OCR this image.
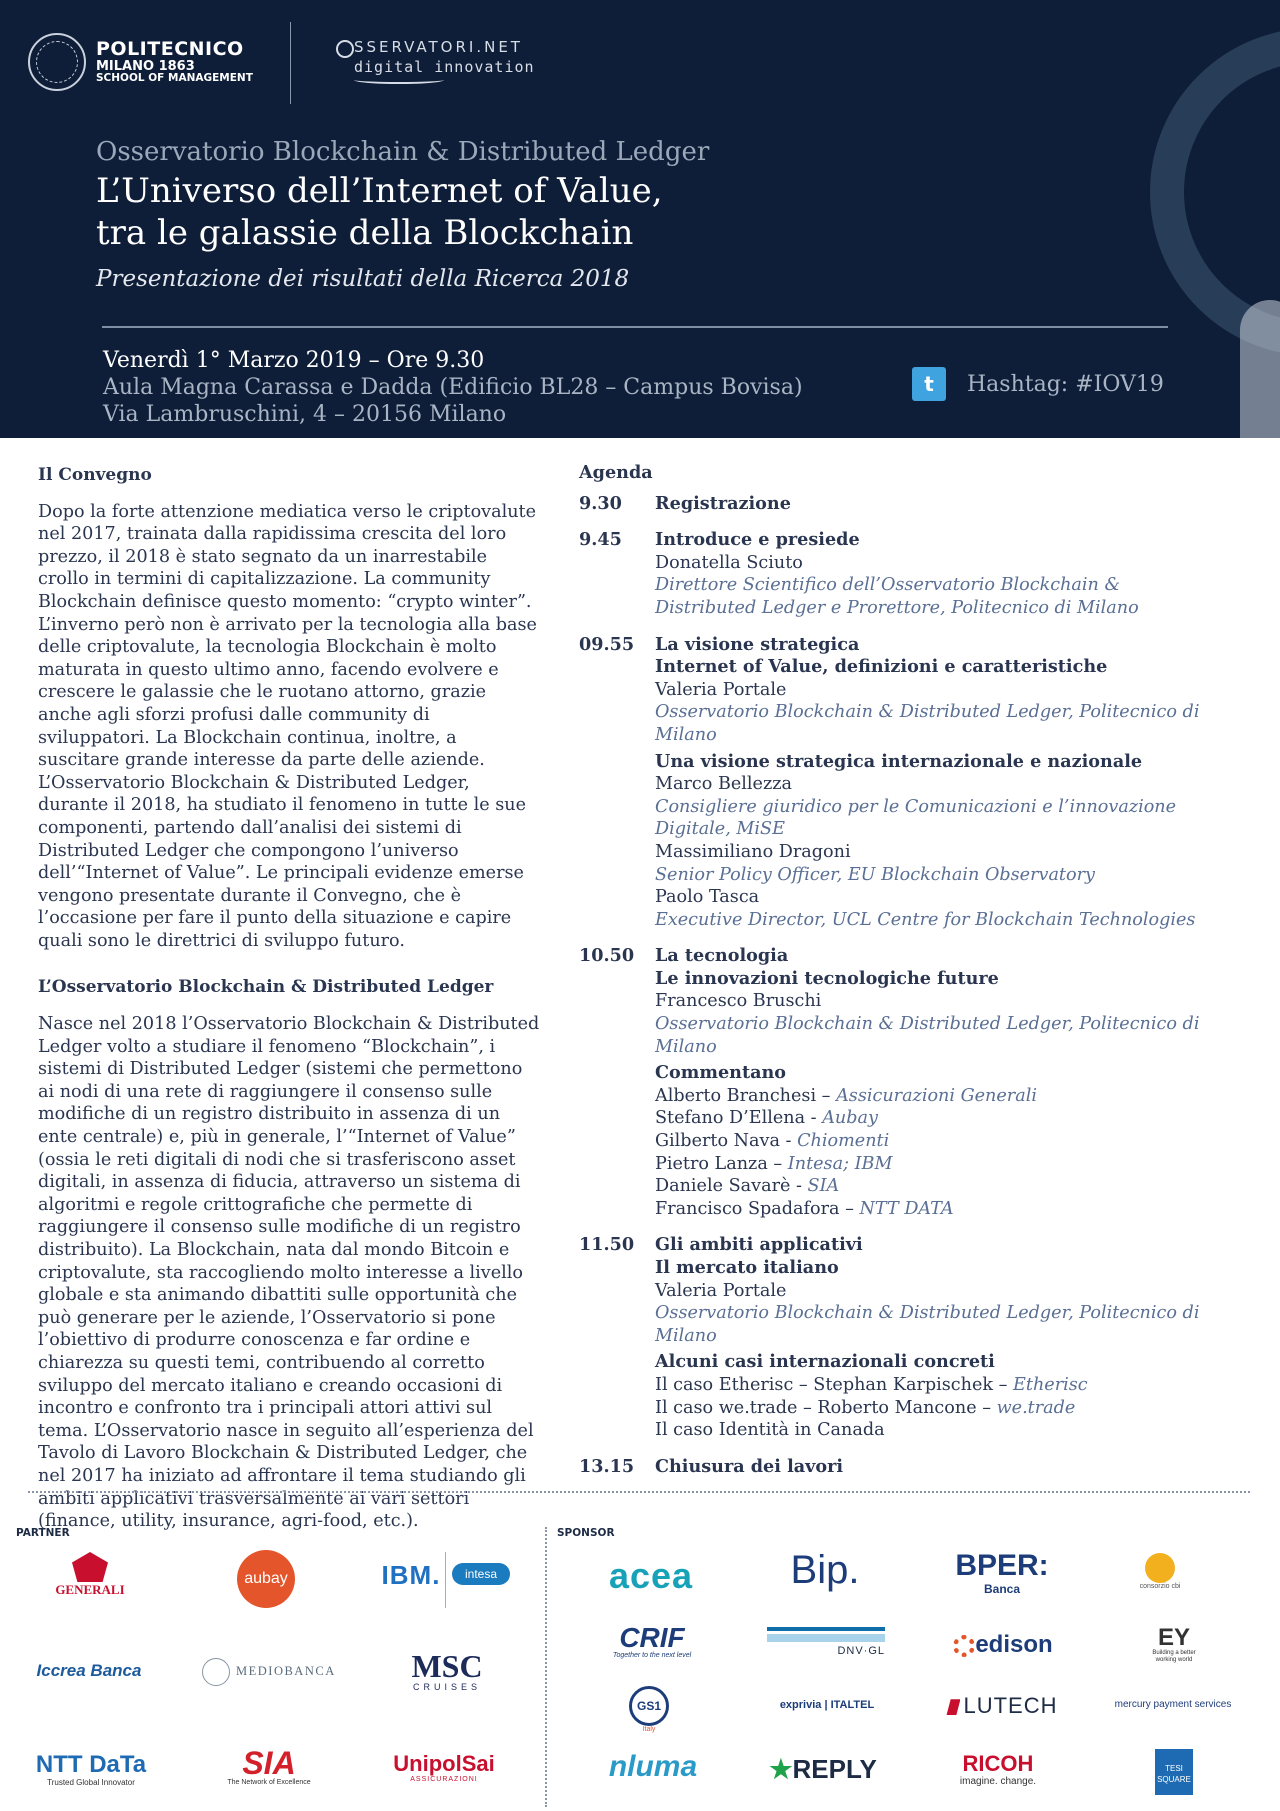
POLITECNICO
MILANO 1863
SCHOOL OF MANAGEMENT
SSERVATORI.NET
digital innovation
Osservatorio Blockchain & Distributed Ledger
L’Universo dell’Internet of Value,
tra le galassie della Blockchain
Presentazione dei risultati della Ricerca 2018
Venerdì 1° Marzo 2019 – Ore 9.30
Aula Magna Carassa e Dadda (Edificio BL28 – Campus Bovisa)
Via Lambruschini, 4 – 20156 Milano
t	Hashtag: #IOV19

Il Convegno

Dopo la forte attenzione mediatica verso le criptovalute nel 2017, trainata dalla rapidissima crescita del loro prezzo, il 2018 è stato segnato da un inarrestabile crollo in termini di capitalizzazione. La community Blockchain definisce questo momento: “crypto winter”. L’inverno però non è arrivato per la tecnologia alla base delle criptovalute, la tecnologia Blockchain è molto maturata in questo ultimo anno, facendo evolvere e crescere le galassie che le ruotano attorno, grazie anche agli sforzi profusi dalle community di sviluppatori. La Blockchain continua, inoltre, a suscitare grande interesse da parte delle aziende. L’Osservatorio Blockchain & Distributed Ledger, durante il 2018, ha studiato il fenomeno in tutte le sue componenti, partendo dall’analisi dei sistemi di Distributed Ledger che compongono l’universo dell’“Internet of Value”. Le principali evidenze emerse vengono presentate durante il Convegno, che è l’occasione per fare il punto della situazione e capire quali sono le direttrici di sviluppo futuro.

L’Osservatorio Blockchain & Distributed Ledger

Nasce nel 2018 l’Osservatorio Blockchain & Distributed Ledger volto a studiare il fenomeno “Blockchain”, i sistemi di Distributed Ledger (sistemi che permettono ai nodi di una rete di raggiungere il consenso sulle modifiche di un registro distribuito in assenza di un ente centrale) e, più in generale, l’“Internet of Value” (ossia le reti digitali di nodi che si trasferiscono asset digitali, in assenza di fiducia, attraverso un sistema di algoritmi e regole crittografiche che permette di raggiungere il consenso sulle modifiche di un registro distribuito). La Blockchain, nata dal mondo Bitcoin e criptovalute, sta raccogliendo molto interesse a livello globale e sta animando dibattiti sulle opportunità che può generare per le aziende, l’Osservatorio si pone l’obiettivo di produrre conoscenza e far ordine e chiarezza su questi temi, contribuendo al corretto sviluppo del mercato italiano e creando occasioni di incontro e confronto tra i principali attori attivi sul tema. L’Osservatorio nasce in seguito all’esperienza del Tavolo di Lavoro Blockchain & Distributed Ledger, che nel 2017 ha iniziato ad affrontare il tema studiando gli ambiti applicativi trasversalmente ai vari settori (finance, utility, insurance, agri-food, etc.).

Agenda

9.30	Registrazione
9.45	Introduce e presiede
Donatella Sciuto
Direttore Scientifico dell’Osservatorio Blockchain & Distributed Ledger e Prorettore, Politecnico di Milano
09.55	La visione strategica
Internet of Value, definizioni e caratteristiche
Valeria Portale
Osservatorio Blockchain & Distributed Ledger, Politecnico di Milano
Una visione strategica internazionale e nazionale
Marco Bellezza
Consigliere giuridico per le Comunicazioni e l’innovazione Digitale, MiSE
Massimiliano Dragoni
Senior Policy Officer, EU Blockchain Observatory
Paolo Tasca
Executive Director, UCL Centre for Blockchain Technologies
10.50	La tecnologia
Le innovazioni tecnologiche future
Francesco Bruschi
Osservatorio Blockchain & Distributed Ledger, Politecnico di Milano
Commentano
Alberto Branchesi – Assicurazioni Generali
Stefano D’Ellena - Aubay
Gilberto Nava - Chiomenti
Pietro Lanza – Intesa; IBM
Daniele Savarè - SIA
Francisco Spadafora – NTT DATA
11.50	Gli ambiti applicativi
Il mercato italiano
Valeria Portale
Osservatorio Blockchain & Distributed Ledger, Politecnico di Milano
Alcuni casi internazionali concreti
Il caso Etherisc – Stephan Karpischek – Etherisc
Il caso we.trade – Roberto Mancone – we.trade
Il caso Identità in Canada
13.15	Chiusura dei lavori
PARTNER	SPONSOR
GENERALI
aubay	IBM.	intesa
Iccrea Banca	MEDIOBANCA	MSC
CRUISES
NTT DaTa
Trusted Global Innovator
SIA
The Network of Excellence
UnipolSai
ASSICURAZIONI
acea	Bip.	BPER:
Banca	consorzio cbi
CRIF
Together to the next level	DNV·GL	edison	EY
Building a better working world
GS1
Italy
exprivia | ITALTEL	LUTECH	mercury payment services
nluma	★REPLY	RICOH
imagine. change.
TESI SQUARE
